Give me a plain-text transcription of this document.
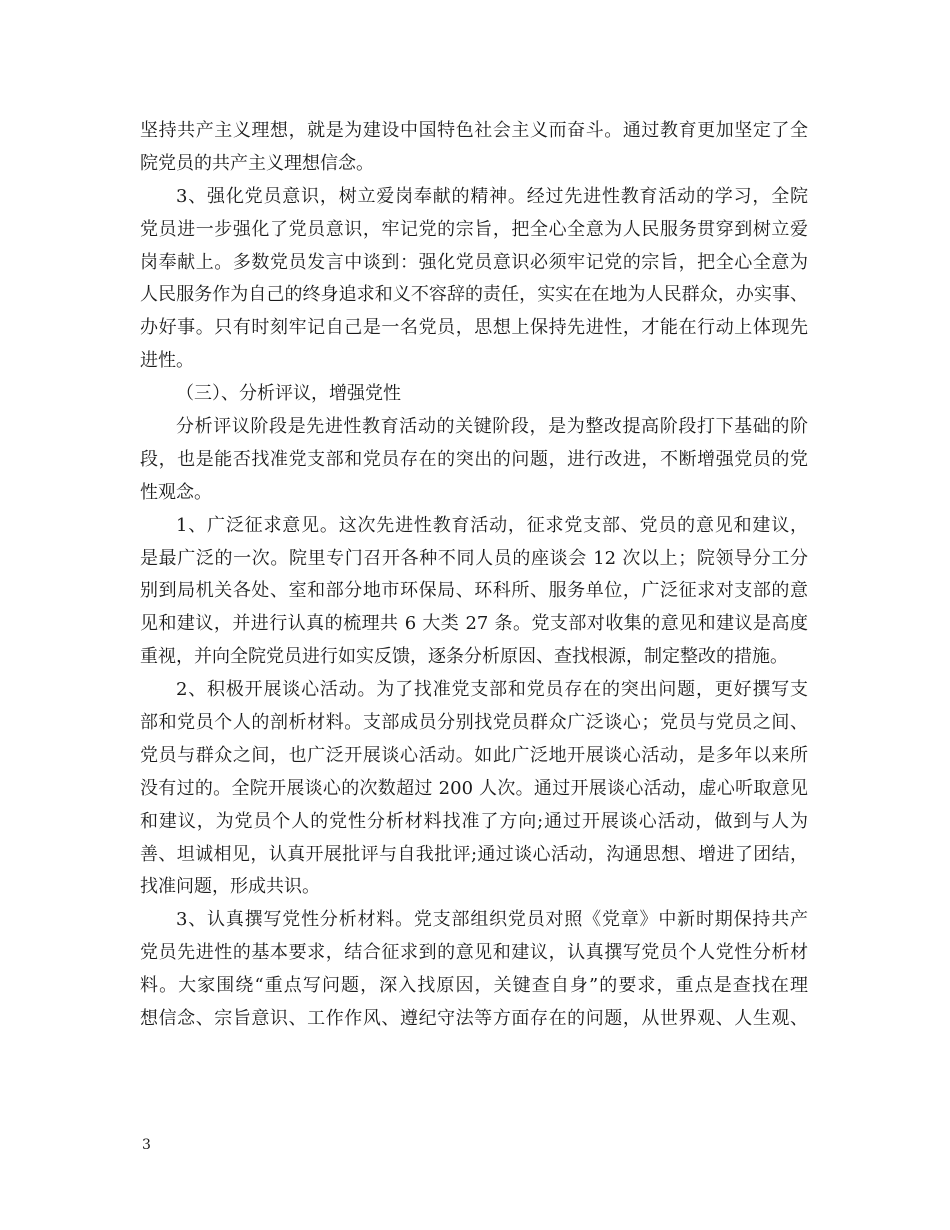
坚持共产主义理想，就是为建设中国特色社会主义而奋斗。通过教育更加坚定了全
院党员的共产主义理想信念。
3、强化党员意识，树立爱岗奉献的精神。经过先进性教育活动的学习，全院
党员进一步强化了党员意识，牢记党的宗旨，把全心全意为人民服务贯穿到树立爱
岗奉献上。多数党员发言中谈到：强化党员意识必须牢记党的宗旨，把全心全意为
人民服务作为自己的终身追求和义不容辞的责任，实实在在地为人民群众，办实事、
办好事。只有时刻牢记自己是一名党员，思想上保持先进性，才能在行动上体现先
进性。
（三）、分析评议，增强党性
分析评议阶段是先进性教育活动的关键阶段，是为整改提高阶段打下基础的阶
段，也是能否找准党支部和党员存在的突出的问题，进行改进，不断增强党员的党
性观念。
1、广泛征求意见。这次先进性教育活动，征求党支部、党员的意见和建议，
是最广泛的一次。院里专门召开各种不同人员的座谈会 12 次以上；院领导分工分
别到局机关各处、室和部分地市环保局、环科所、服务单位，广泛征求对支部的意
见和建议，并进行认真的梳理共 6 大类 27 条。党支部对收集的意见和建议是高度
重视，并向全院党员进行如实反馈，逐条分析原因、查找根源，制定整改的措施。
2、积极开展谈心活动。为了找准党支部和党员存在的突出问题，更好撰写支
部和党员个人的剖析材料。支部成员分别找党员群众广泛谈心；党员与党员之间、
党员与群众之间，也广泛开展谈心活动。如此广泛地开展谈心活动，是多年以来所
没有过的。全院开展谈心的次数超过 200 人次。通过开展谈心活动，虚心听取意见
和建议，为党员个人的党性分析材料找准了方向;通过开展谈心活动，做到与人为
善、坦诚相见，认真开展批评与自我批评;通过谈心活动，沟通思想、增进了团结，
找准问题，形成共识。
3、认真撰写党性分析材料。党支部组织党员对照《党章》中新时期保持共产
党员先进性的基本要求，结合征求到的意见和建议，认真撰写党员个人党性分析材
料。大家围绕“重点写问题，深入找原因，关键查自身”的要求，重点是查找在理
想信念、宗旨意识、工作作风、遵纪守法等方面存在的问题，从世界观、人生观、
3
